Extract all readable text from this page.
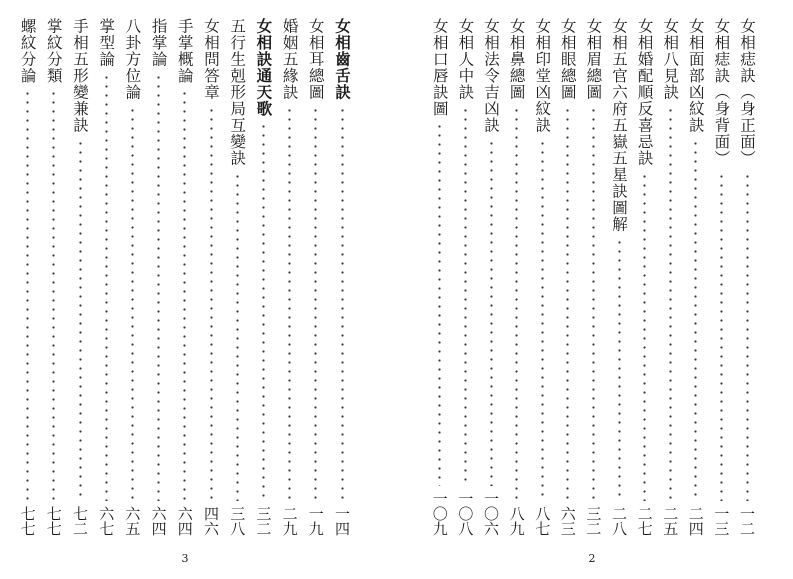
女相痣訣︵身正面︶
一二
女相痣訣︵身背面︶
一三
女相面部凶紋訣
二四
女相八見訣
二五
女相婚配順反喜忌訣
二七
女相五官六府五嶽五星訣圖解
二八
女相眉總圖
三二
女相眼總圖
六三
女相印堂凶紋訣
八七
女相鼻總圖
八九
女相法令吉凶訣
一〇六
女相人中訣
一〇八
女相口唇訣圖
一〇九
2
女相齒舌訣
一四
女相耳總圖
一九
婚姻五緣訣
二九
女相訣通天歌
三二
五行生剋形局互變訣
三八
女相問答章
四六
手掌概論
六四
指掌論
六四
八卦方位論
六五
掌型論
六七
手相五形變兼訣
七二
掌紋分類
七七
螺紋分論
七七
3
